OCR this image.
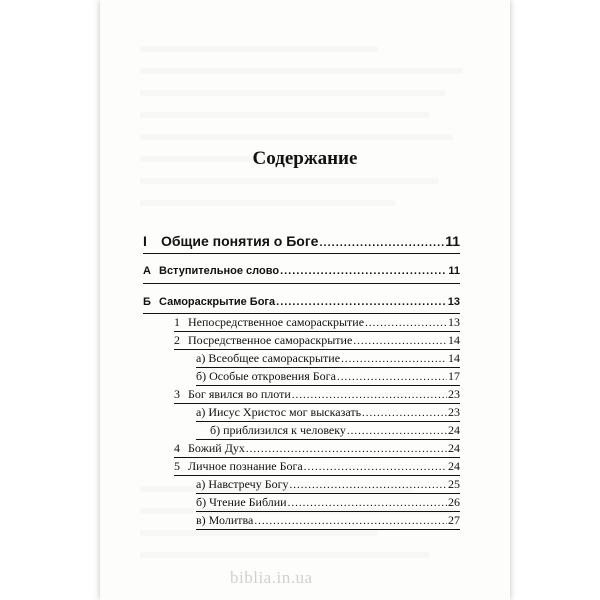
Содержание
I	Общие понятия о Боге .....	11
А Вступительное слово .....	11
Б Самораскрытие Бога .....	13
1 Непосредственное самораскрытие .....	13
2 Посредственное самораскрытие .....	14
а) Всеобщее самораскрытие .....	14
б) Особые откровения Бога .....	17
3 Бог явился во плоти .....	23
а) Иисус Христос мог высказать .....	23
б) приблизился к человеку .....	24
4 Божий Дух .....	24
5 Личное познание Бога .....	24
а) Навстречу Богу .....	25
б) Чтение Библии .....	26
в) Молитва .....	27
biblia.in.ua
